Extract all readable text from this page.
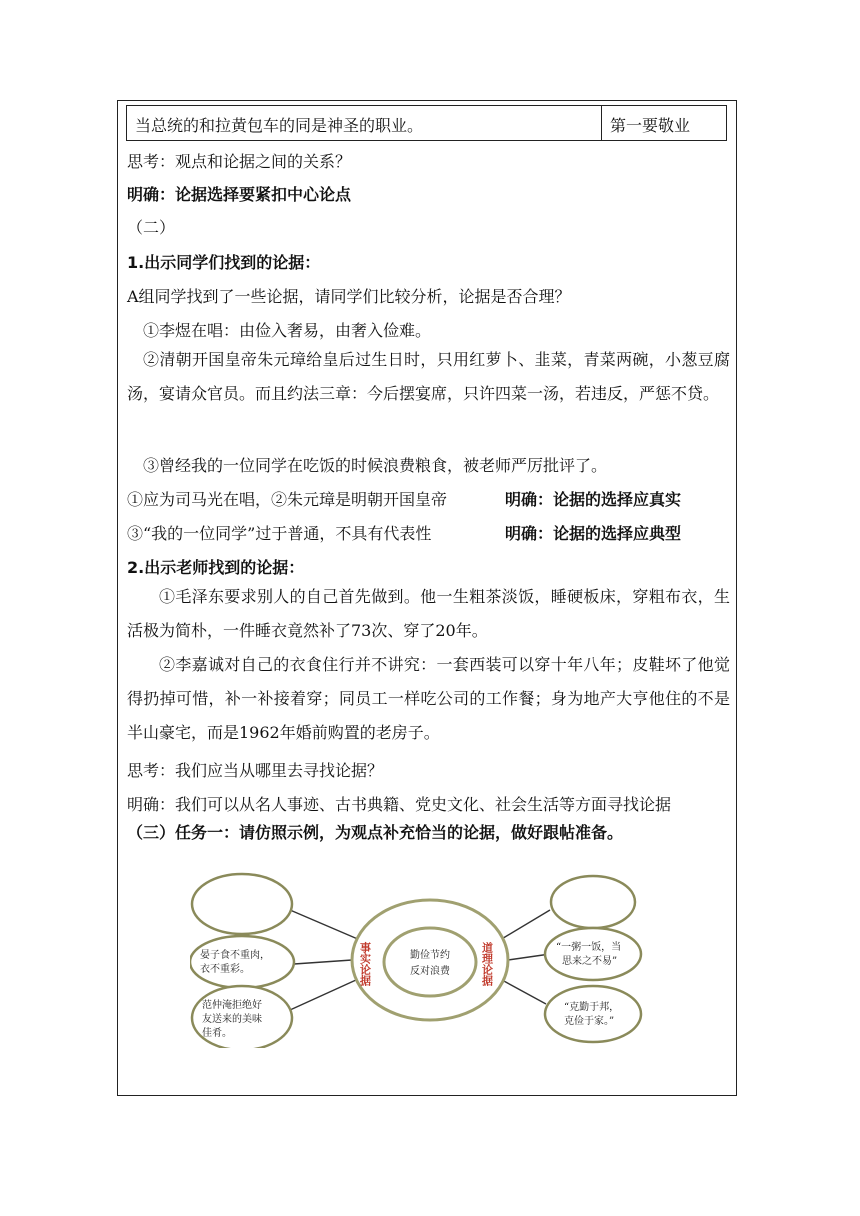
当总统的和拉黄包车的同是神圣的职业。	第一要敬业
思考：观点和论据之间的关系？
明确：论据选择要紧扣中心论点
（二）
1.出示同学们找到的论据：
A组同学找到了一些论据，请同学们比较分析，论据是否合理？
①李煜在唱：由俭入奢易，由奢入俭难。
②清朝开国皇帝朱元璋给皇后过生日时，只用红萝卜、韭菜，青菜两碗，小葱豆腐汤，宴请众官员。而且约法三章：今后摆宴席，只许四菜一汤，若违反，严惩不贷。
③曾经我的一位同学在吃饭的时候浪费粮食，被老师严厉批评了。
①应为司马光在唱，②朱元璋是明朝开国皇帝	明确：论据的选择应真实
③“我的一位同学”过于普通，不具有代表性	明确：论据的选择应典型
2.出示老师找到的论据：
①毛泽东要求别人的自己首先做到。他一生粗茶淡饭，睡硬板床，穿粗布衣，生活极为简朴，一件睡衣竟然补了73次、穿了20年。
②李嘉诚对自己的衣食住行并不讲究：一套西装可以穿十年八年；皮鞋坏了他觉得扔掉可惜，补一补接着穿；同员工一样吃公司的工作餐；身为地产大亨他住的不是半山豪宅，而是1962年婚前购置的老房子。
思考：我们应当从哪里去寻找论据？
明确：我们可以从名人事迹、古书典籍、党史文化、社会生活等方面寻找论据
（三）任务一：请仿照示例，为观点补充恰当的论据，做好跟帖准备。
勤俭节约
反对浪费
事实论据	道理论据
晏子食不重肉，
衣不重彩。
范仲淹拒绝好
友送来的美味
佳肴。
“一粥一饭，当
思来之不易”
“克勤于邦，
克俭于家。”
